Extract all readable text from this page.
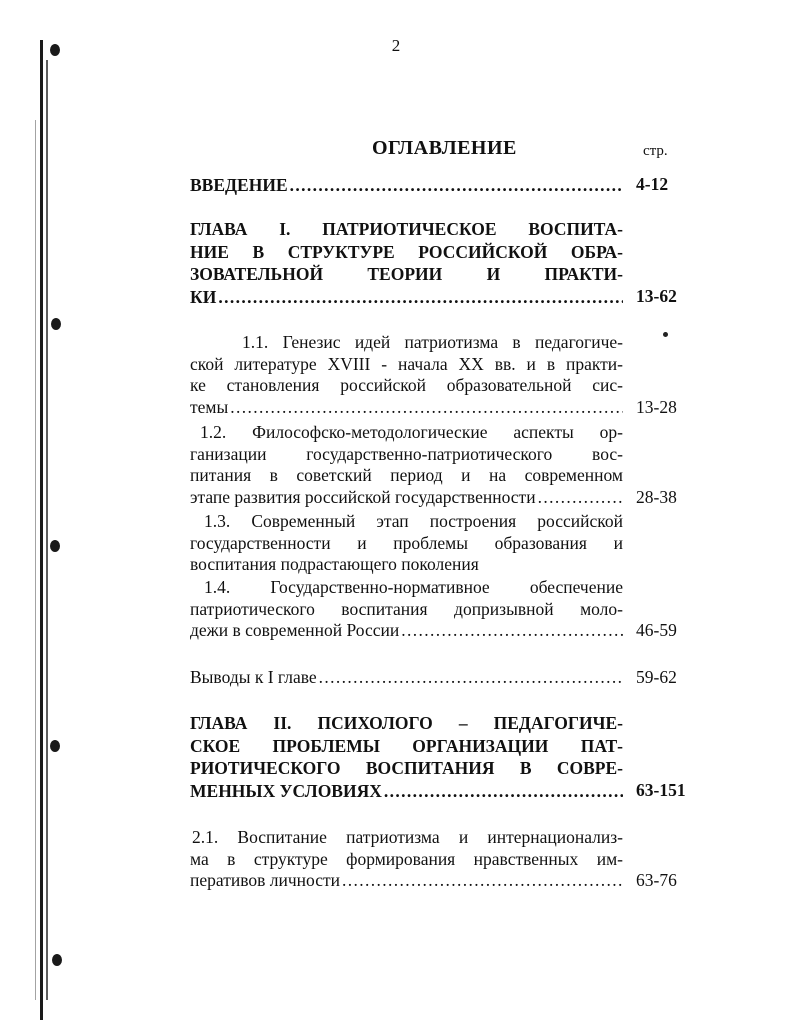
2
ОГЛАВЛЕНИЕ	стр.
ВВЕДЕНИЕ . . .	4-12
ГЛАВА I. ПАТРИОТИЧЕСКОЕ ВОСПИТА-
НИЕ В СТРУКТУРЕ РОССИЙСКОЙ ОБРА-
ЗОВАТЕЛЬНОЙ ТЕОРИИ И ПРАКТИ-
КИ . . .	13-62
1.1. Генезис идей патриотизма в педагогиче-
ской литературе XVIII - начала XX вв. и в практи-
ке становления российской образовательной сис-
темы . . .	13-28
1.2. Философско-методологические аспекты ор-
ганизации государственно-патриотического вос-
питания в советский период и на современном
этапе развития российской государственности . . .	28-38
1.3. Современный этап построения российской
государственности и проблемы образования и
воспитания подрастающего поколения
1.4. Государственно-нормативное обеспечение
патриотического воспитания допризывной моло-
дежи в современной России . . .	46-59
Выводы к I главе . . .	59-62
ГЛАВА II. ПСИХОЛОГО – ПЕДАГОГИЧЕ-
СКОЕ ПРОБЛЕМЫ ОРГАНИЗАЦИИ ПАТ-
РИОТИЧЕСКОГО ВОСПИТАНИЯ В СОВРЕ-
МЕННЫХ УСЛОВИЯХ . . .	63-151
2.1. Воспитание патриотизма и интернационализ-
ма в структуре формирования нравственных им-
перативов личности . . .	63-76
